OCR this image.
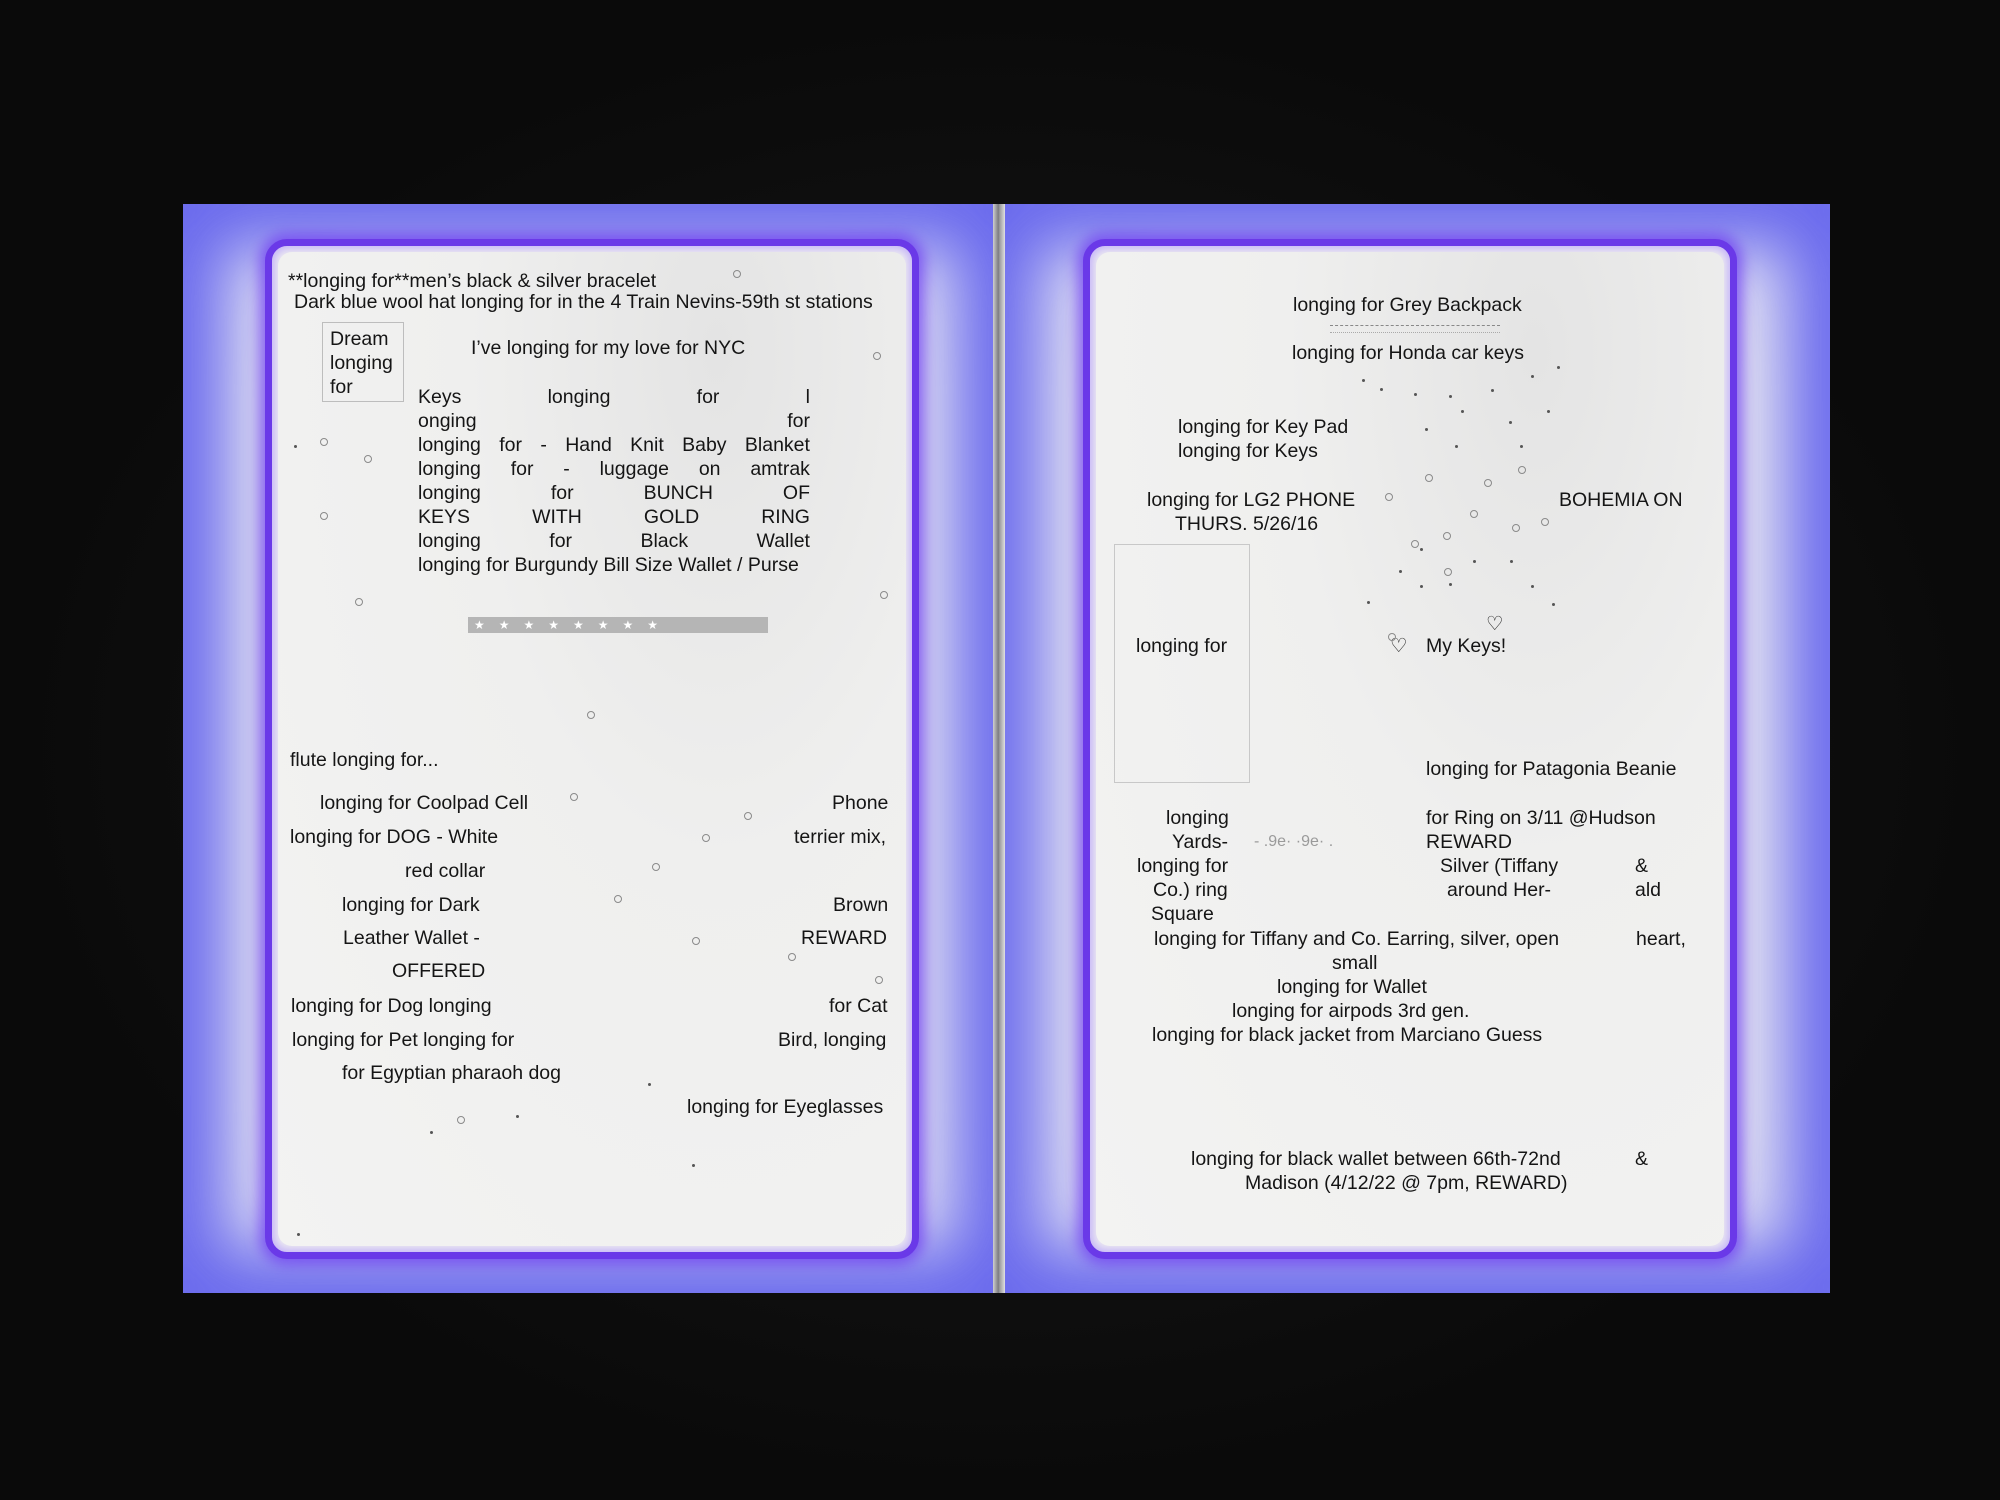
**longing for**men’s black & silver bracelet
Dark blue wool hat longing for in the 4 Train Nevins-59th st stations
Dream
longing
for
I’ve longing for my love for NYC
Keys	longing	for	l
onging	for
longing for - Hand Knit Baby Blanket
longing for - luggage on amtrak
longing	for	BUNCH	OF
KEYS	WITH	GOLD	RING
longing	for	Black	Wallet
longing for Burgundy Bill Size Wallet / Purse
★★★★★★★★
flute longing for...
longing for Coolpad Cell	Phone
longing for DOG - White	terrier mix,
red collar
longing for Dark	Brown
Leather Wallet -	REWARD
OFFERED
longing for Dog longing	for Cat
longing for Pet longing for	Bird, longing
for Egyptian pharaoh dog
longing for Eyeglasses
longing for Grey Backpack
longing for Honda car keys
longing for Key Pad
longing for Keys
longing for LG2 PHONE
THURS. 5/26/16
BOHEMIA ON
longing for	♡
♡
My Keys!
longing for Patagonia Beanie
longing
Yards-
longing for
Co.) ring
Square
- .9e· ·9e· .
for Ring on 3/11 @Hudson
REWARD
Silver (Tiffany
around Her-
&
ald
longing for Tiffany and Co. Earring, silver, open	heart,
small
longing for Wallet
longing for airpods 3rd gen.
longing for black jacket from Marciano Guess
longing for black wallet between 66th-72nd	&
Madison (4/12/22 @ 7pm, REWARD)
